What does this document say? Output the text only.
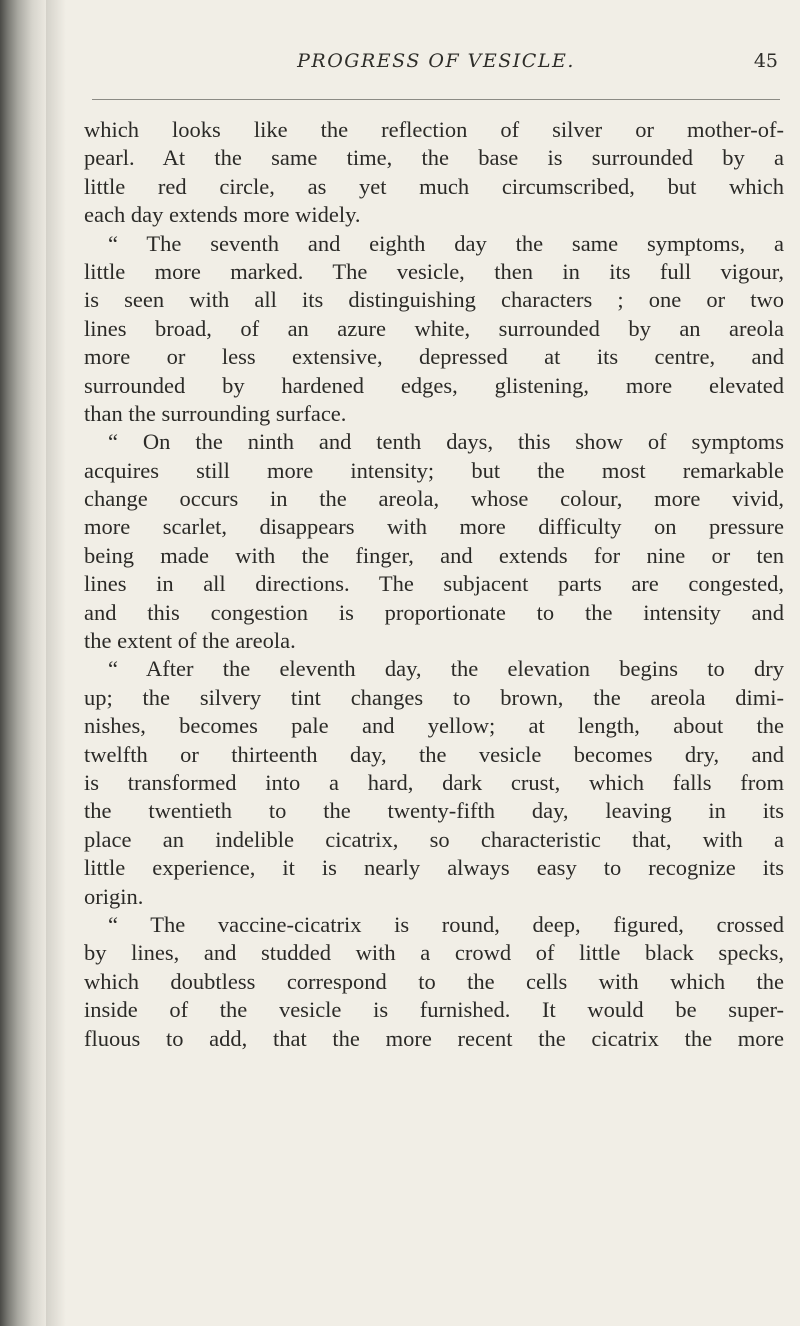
PROGRESS OF VESICLE.	45
which looks like the reflection of silver or mother-of-
pearl. At the same time, the base is surrounded by a
little red circle, as yet much circumscribed, but which
each day extends more widely.
“ The seventh and eighth day the same symptoms, a
little more marked. The vesicle, then in its full vigour,
is seen with all its distinguishing characters ; one or two
lines broad, of an azure white, surrounded by an areola
more or less extensive, depressed at its centre, and
surrounded by hardened edges, glistening, more elevated
than the surrounding surface.
“ On the ninth and tenth days, this show of symptoms
acquires still more intensity; but the most remarkable
change occurs in the areola, whose colour, more vivid,
more scarlet, disappears with more difficulty on pressure
being made with the finger, and extends for nine or ten
lines in all directions. The subjacent parts are congested,
and this congestion is proportionate to the intensity and
the extent of the areola.
“ After the eleventh day, the elevation begins to dry
up; the silvery tint changes to brown, the areola dimi-
nishes, becomes pale and yellow; at length, about the
twelfth or thirteenth day, the vesicle becomes dry, and
is transformed into a hard, dark crust, which falls from
the twentieth to the twenty-fifth day, leaving in its
place an indelible cicatrix, so characteristic that, with a
little experience, it is nearly always easy to recognize its
origin.
“ The vaccine-cicatrix is round, deep, figured, crossed
by lines, and studded with a crowd of little black specks,
which doubtless correspond to the cells with which the
inside of the vesicle is furnished. It would be super-
fluous to add, that the more recent the cicatrix the more
